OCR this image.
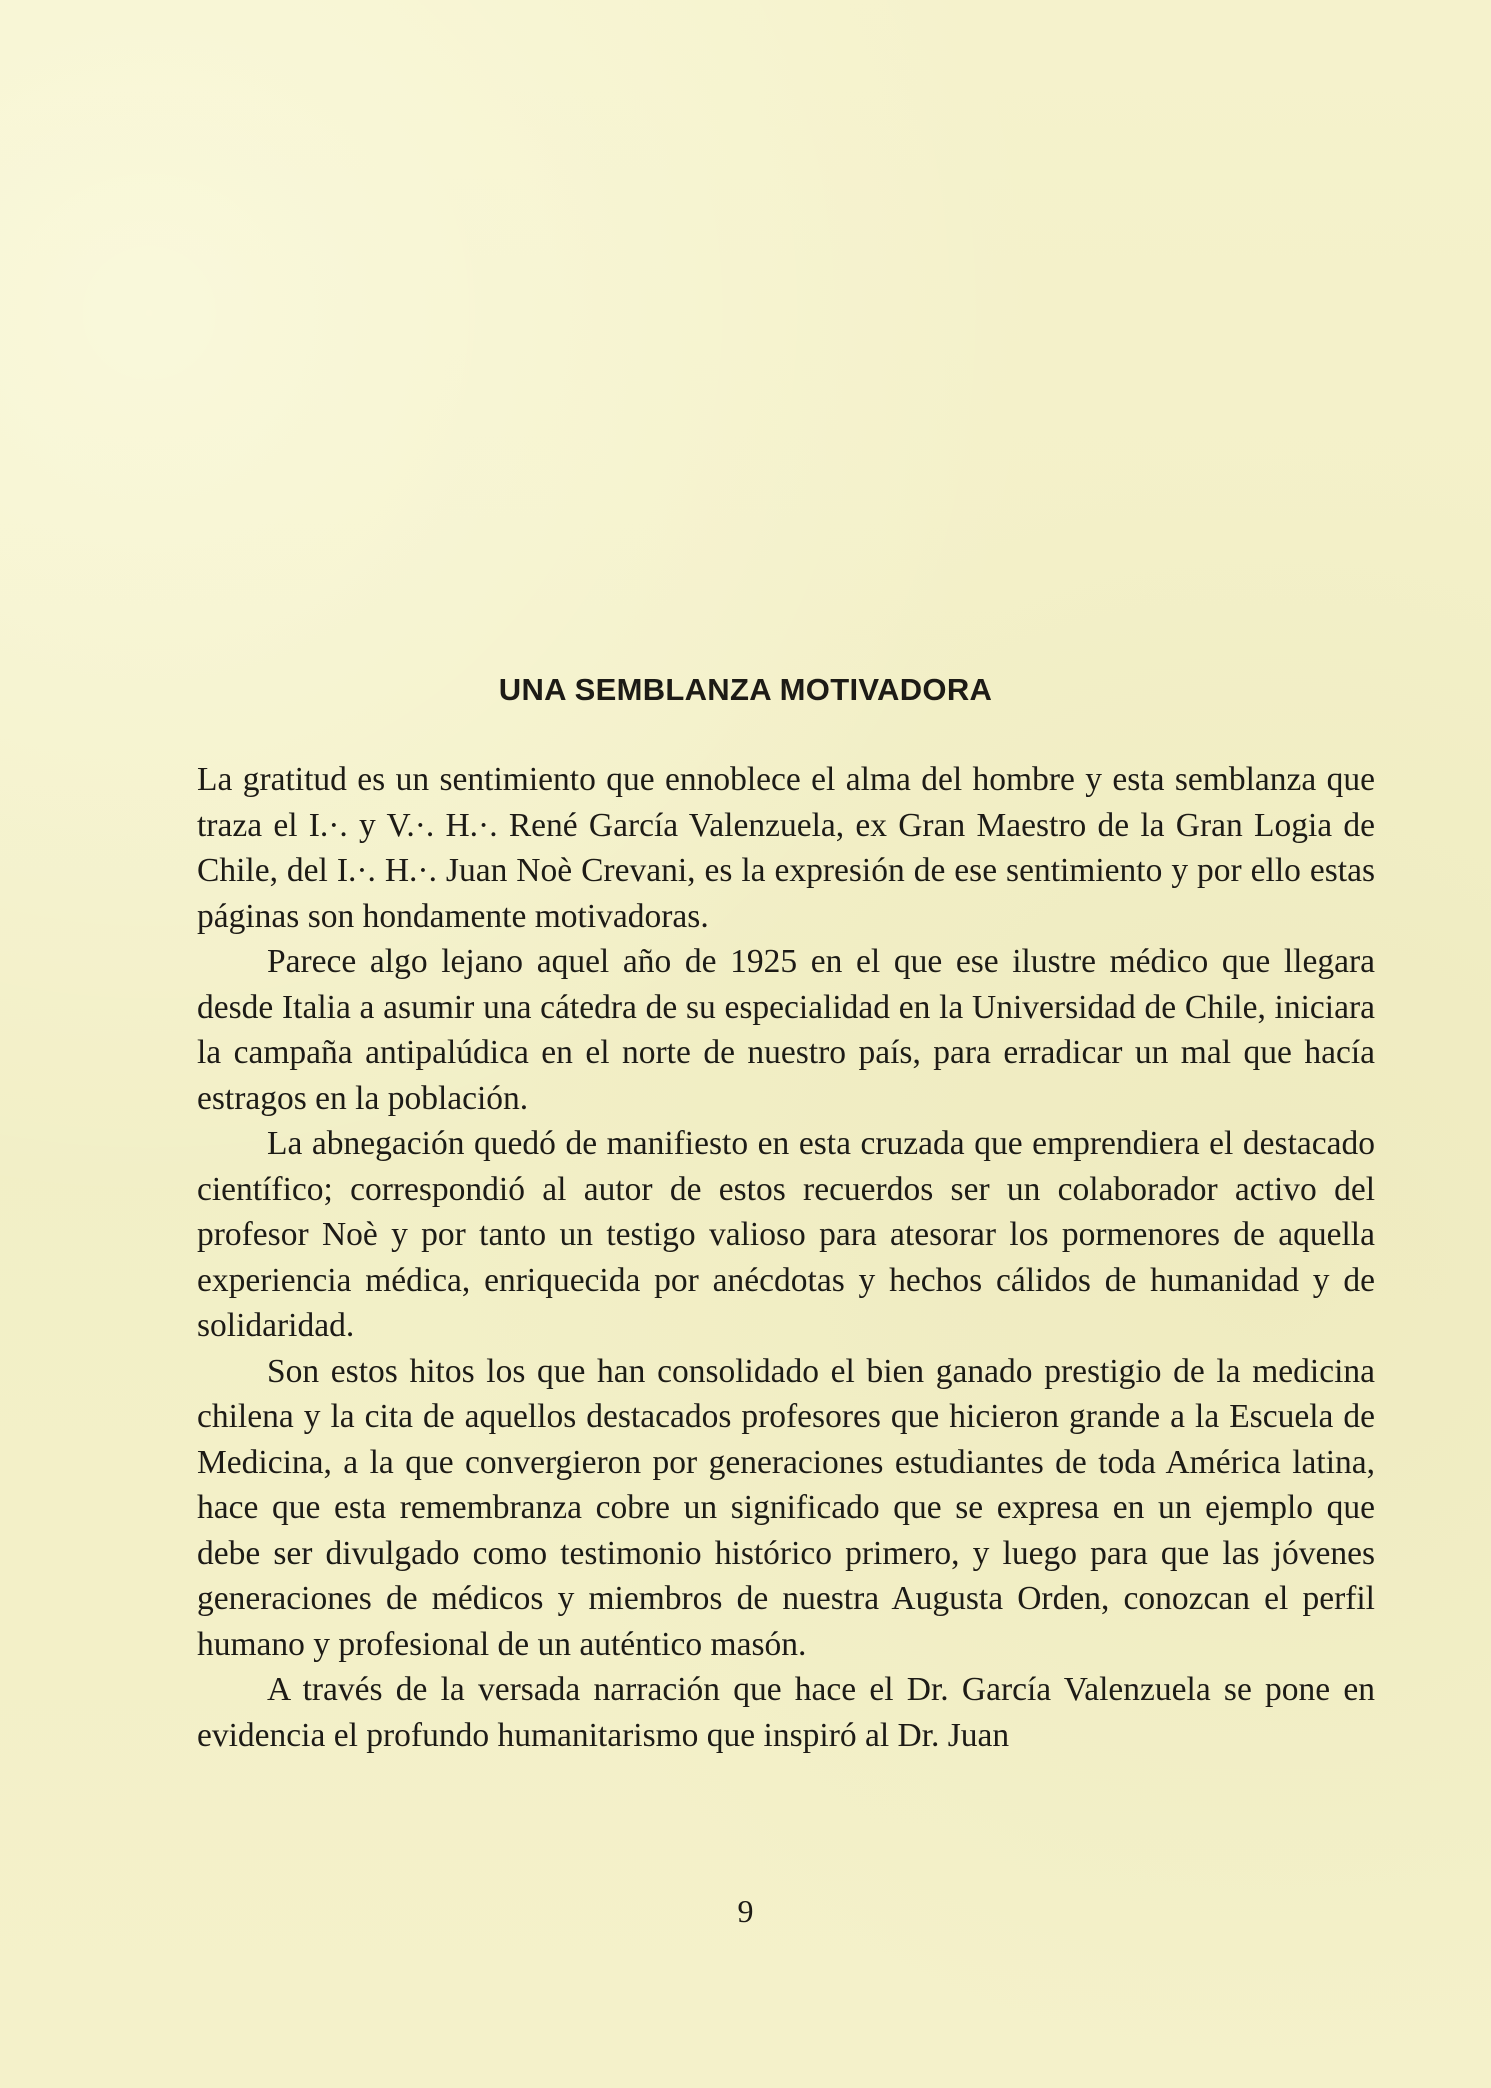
UNA SEMBLANZA MOTIVADORA

La gratitud es un sentimiento que ennoblece el alma del hombre y esta semblanza que traza el I.·. y V.·. H.·. René García Valenzuela, ex Gran Maestro de la Gran Logia de Chile, del I.·. H.·. Juan Noè Crevani, es la expresión de ese sentimiento y por ello estas páginas son hondamente motivadoras.

Parece algo lejano aquel año de 1925 en el que ese ilustre médico que llegara desde Italia a asumir una cátedra de su especialidad en la Universidad de Chile, iniciara la campaña antipalúdica en el norte de nuestro país, para erradicar un mal que hacía estragos en la población.

La abnegación quedó de manifiesto en esta cruzada que emprendiera el destacado científico; correspondió al autor de estos recuerdos ser un colaborador activo del profesor Noè y por tanto un testigo valioso para atesorar los pormenores de aquella experiencia médica, enriquecida por anécdotas y hechos cálidos de humanidad y de solidaridad.

Son estos hitos los que han consolidado el bien ganado prestigio de la medicina chilena y la cita de aquellos destacados profesores que hicieron grande a la Escuela de Medicina, a la que convergieron por generaciones estudiantes de toda América latina, hace que esta remembranza cobre un significado que se expresa en un ejemplo que debe ser divulgado como testimonio histórico primero, y luego para que las jóvenes generaciones de médicos y miembros de nuestra Augusta Orden, conozcan el perfil humano y profesional de un auténtico masón.

A través de la versada narración que hace el Dr. García Valenzuela se pone en evidencia el profundo humanitarismo que inspiró al Dr. Juan

9
